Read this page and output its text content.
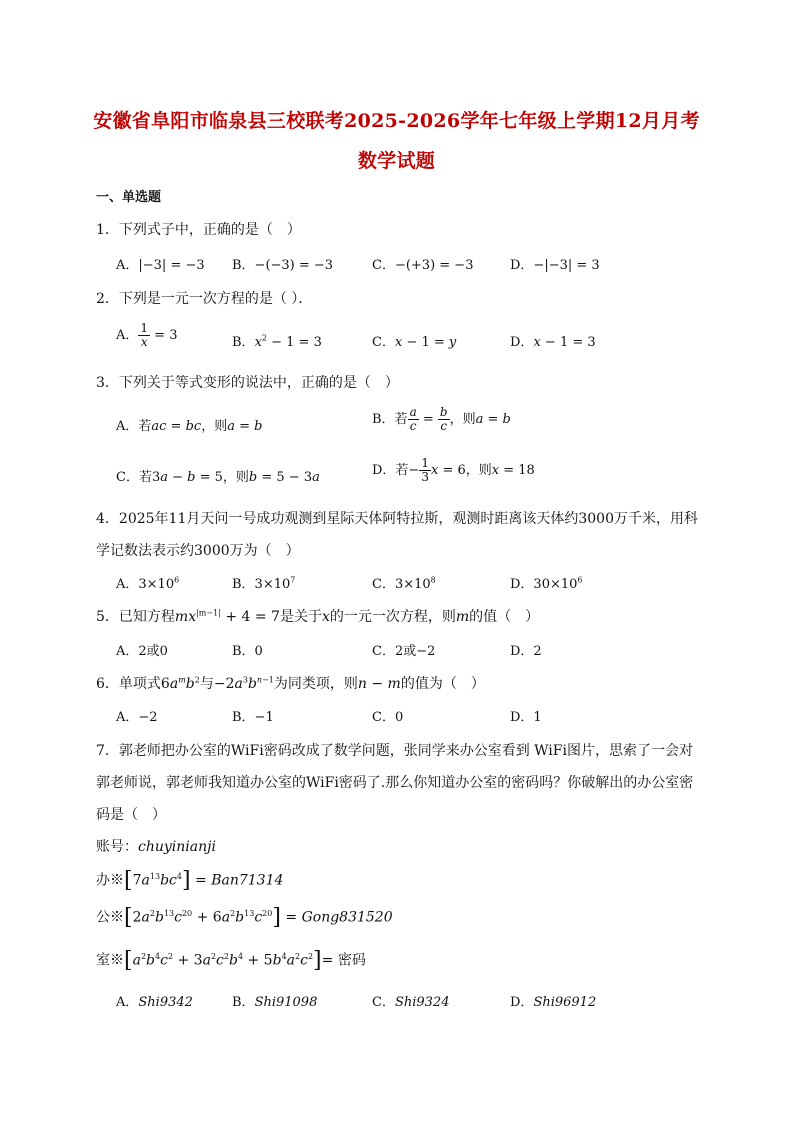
安徽省阜阳市临泉县三校联考2025-2026学年七年级上学期12月月考
数学试题
一、单选题
1．下列式子中，正确的是（　）
A．|−3| = −3 B．−(−3) = −3	C．−(+3) = −3	D．−|−3| = 3
2．下列是一元一次方程的是（ ）．
A． $\frac{1}{x} = 3$	B．$x^2 - 1 = 3$	C．x − 1 = y	D．x − 1 = 3
3．下列关于等式变形的说法中，正确的是（　）
A．若ac = bc，则a = b	B．若 $\frac{a}{c} = \frac{b}{c}$ ，则a = b
C．若3a − b = 5，则b = 5 − 3a	D．若− $\frac{1}{3}$ x = 6，则x = 18
4．2025年11月天问一号成功观测到星际天体阿特拉斯，观测时距离该天体约3000万千米，用科
学记数法表示约3000万为（　）
A．$3\times 10^6$	B．$3\times 10^7$	C．$3\times 10^8$	D．$30\times 10^6$
5．已知方程$mx^{|m-1|} + 4 = 7$是关于x的一元一次方程，则m的值（　）
A．2或0	B．0	C．2或−2	D．2
6．单项式$6a^mb^2$与$-2a^3b^{n-1}$为同类项，则n − m的值为（　）
A．−2	B．−1	C．0	D．1
7．郭老师把办公室的WiFi密码改成了数学问题，张同学来办公室看到 WiFi图片，思索了一会对
郭老师说，郭老师我知道办公室的WiFi密码了.那么你知道办公室的密码吗？你破解出的办公室密
码是（　）
账号：chuyinianji
办$※[7a^{13}bc^4] = Ban71314$
公$※[2a^2b^{13}c^{20} + 6a^2b^{13}c^{20}]$ = Gong831520
室$※[a^2b^4c^2 + 3a^2c^2b^4 + 5b^4a^2c^2]=$ 密码
A．Shi9342	B．Shi91098	C．Shi9324	D．Shi96912
